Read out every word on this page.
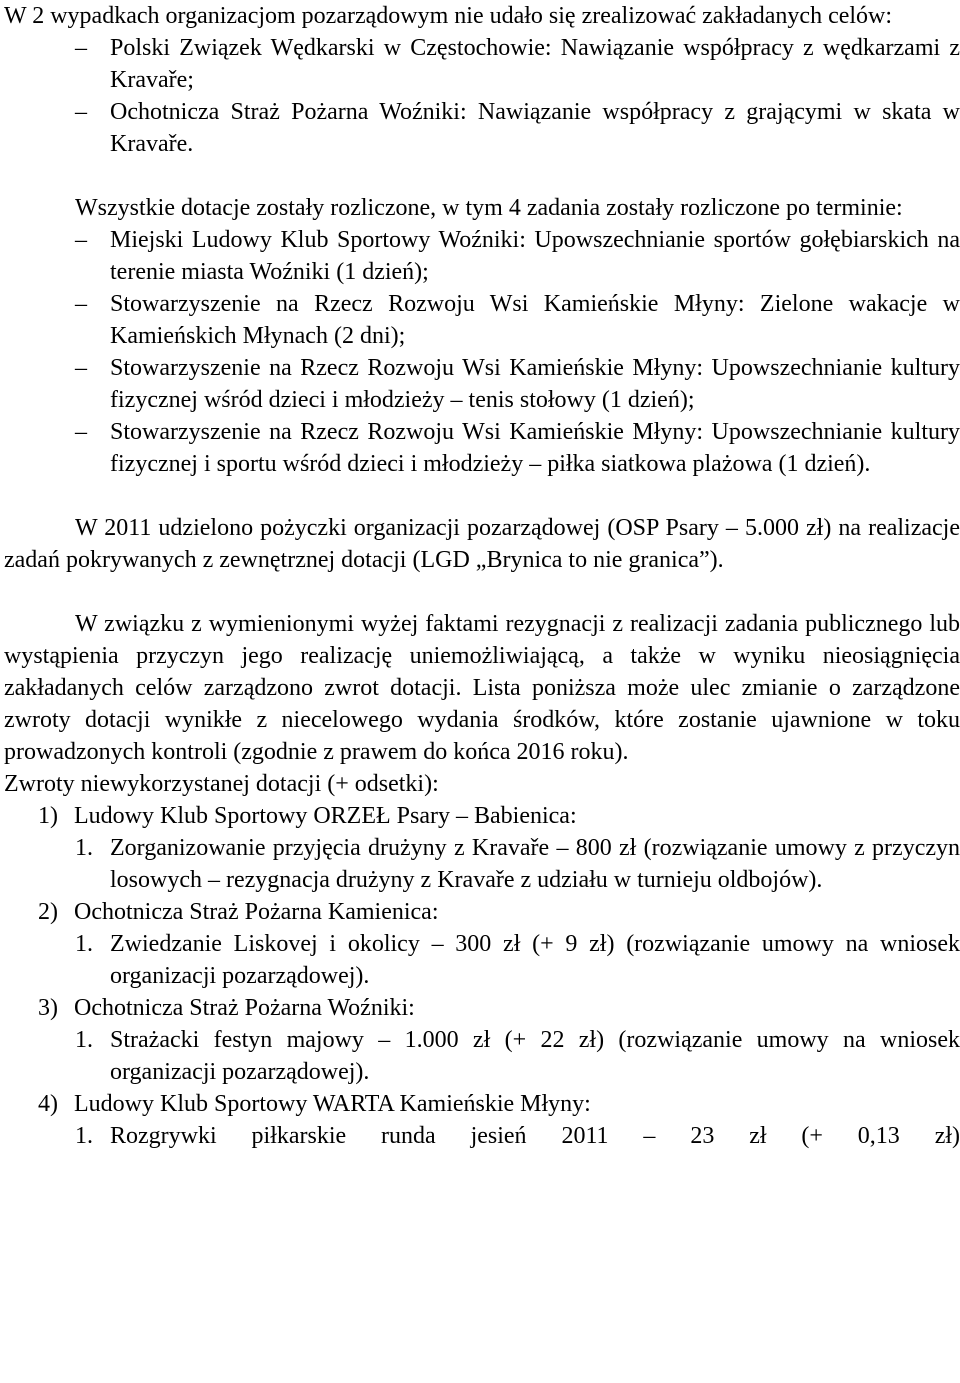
W 2 wypadkach organizacjom pozarządowym nie udało się zrealizować zakładanych celów:

– Polski Związek Wędkarski w Częstochowie: Nawiązanie współpracy z wędkarzami z Kravaře;
– Ochotnicza Straż Pożarna Woźniki: Nawiązanie współpracy z grającymi w skata w Kravaře.

Wszystkie dotacje zostały rozliczone, w tym 4 zadania zostały rozliczone po terminie:

– Miejski Ludowy Klub Sportowy Woźniki: Upowszechnianie sportów gołębiarskich na terenie miasta Woźniki (1 dzień);
– Stowarzyszenie na Rzecz Rozwoju Wsi Kamieńskie Młyny: Zielone wakacje w Kamieńskich Młynach (2 dni);
– Stowarzyszenie na Rzecz Rozwoju Wsi Kamieńskie Młyny: Upowszechnianie kultury fizycznej wśród dzieci i młodzieży – tenis stołowy (1 dzień);
– Stowarzyszenie na Rzecz Rozwoju Wsi Kamieńskie Młyny: Upowszechnianie kultury fizycznej i sportu wśród dzieci i młodzieży – piłka siatkowa plażowa (1 dzień).

W 2011 udzielono pożyczki organizacji pozarządowej (OSP Psary – 5.000 zł) na realizacje zadań pokrywanych z zewnętrznej dotacji (LGD „Brynica to nie granica”).

W związku z wymienionymi wyżej faktami rezygnacji z realizacji zadania publicznego lub wystąpienia przyczyn jego realizację uniemożliwiającą, a także w wyniku nieosiągnięcia zakładanych celów zarządzono zwrot dotacji. Lista poniższa może ulec zmianie o zarządzone zwroty dotacji wynikłe z niecelowego wydania środków, które zostanie ujawnione w toku prowadzonych kontroli (zgodnie z prawem do końca 2016 roku).

Zwroty niewykorzystanej dotacji (+ odsetki):

1) Ludowy Klub Sportowy ORZEŁ Psary – Babienica:
1. Zorganizowanie przyjęcia drużyny z Kravaře – 800 zł (rozwiązanie umowy z przyczyn losowych – rezygnacja drużyny z Kravaře z udziału w turnieju oldbojów).
2) Ochotnicza Straż Pożarna Kamienica:
1. Zwiedzanie Liskovej i okolicy – 300 zł (+ 9 zł) (rozwiązanie umowy na wniosek organizacji pozarządowej).
3) Ochotnicza Straż Pożarna Woźniki:
1. Strażacki festyn majowy – 1.000 zł (+ 22 zł) (rozwiązanie umowy na wniosek organizacji pozarządowej).
4) Ludowy Klub Sportowy WARTA Kamieńskie Młyny:
1. Rozgrywki piłkarskie runda jesień 2011 – 23 zł (+ 0,13 zł)
